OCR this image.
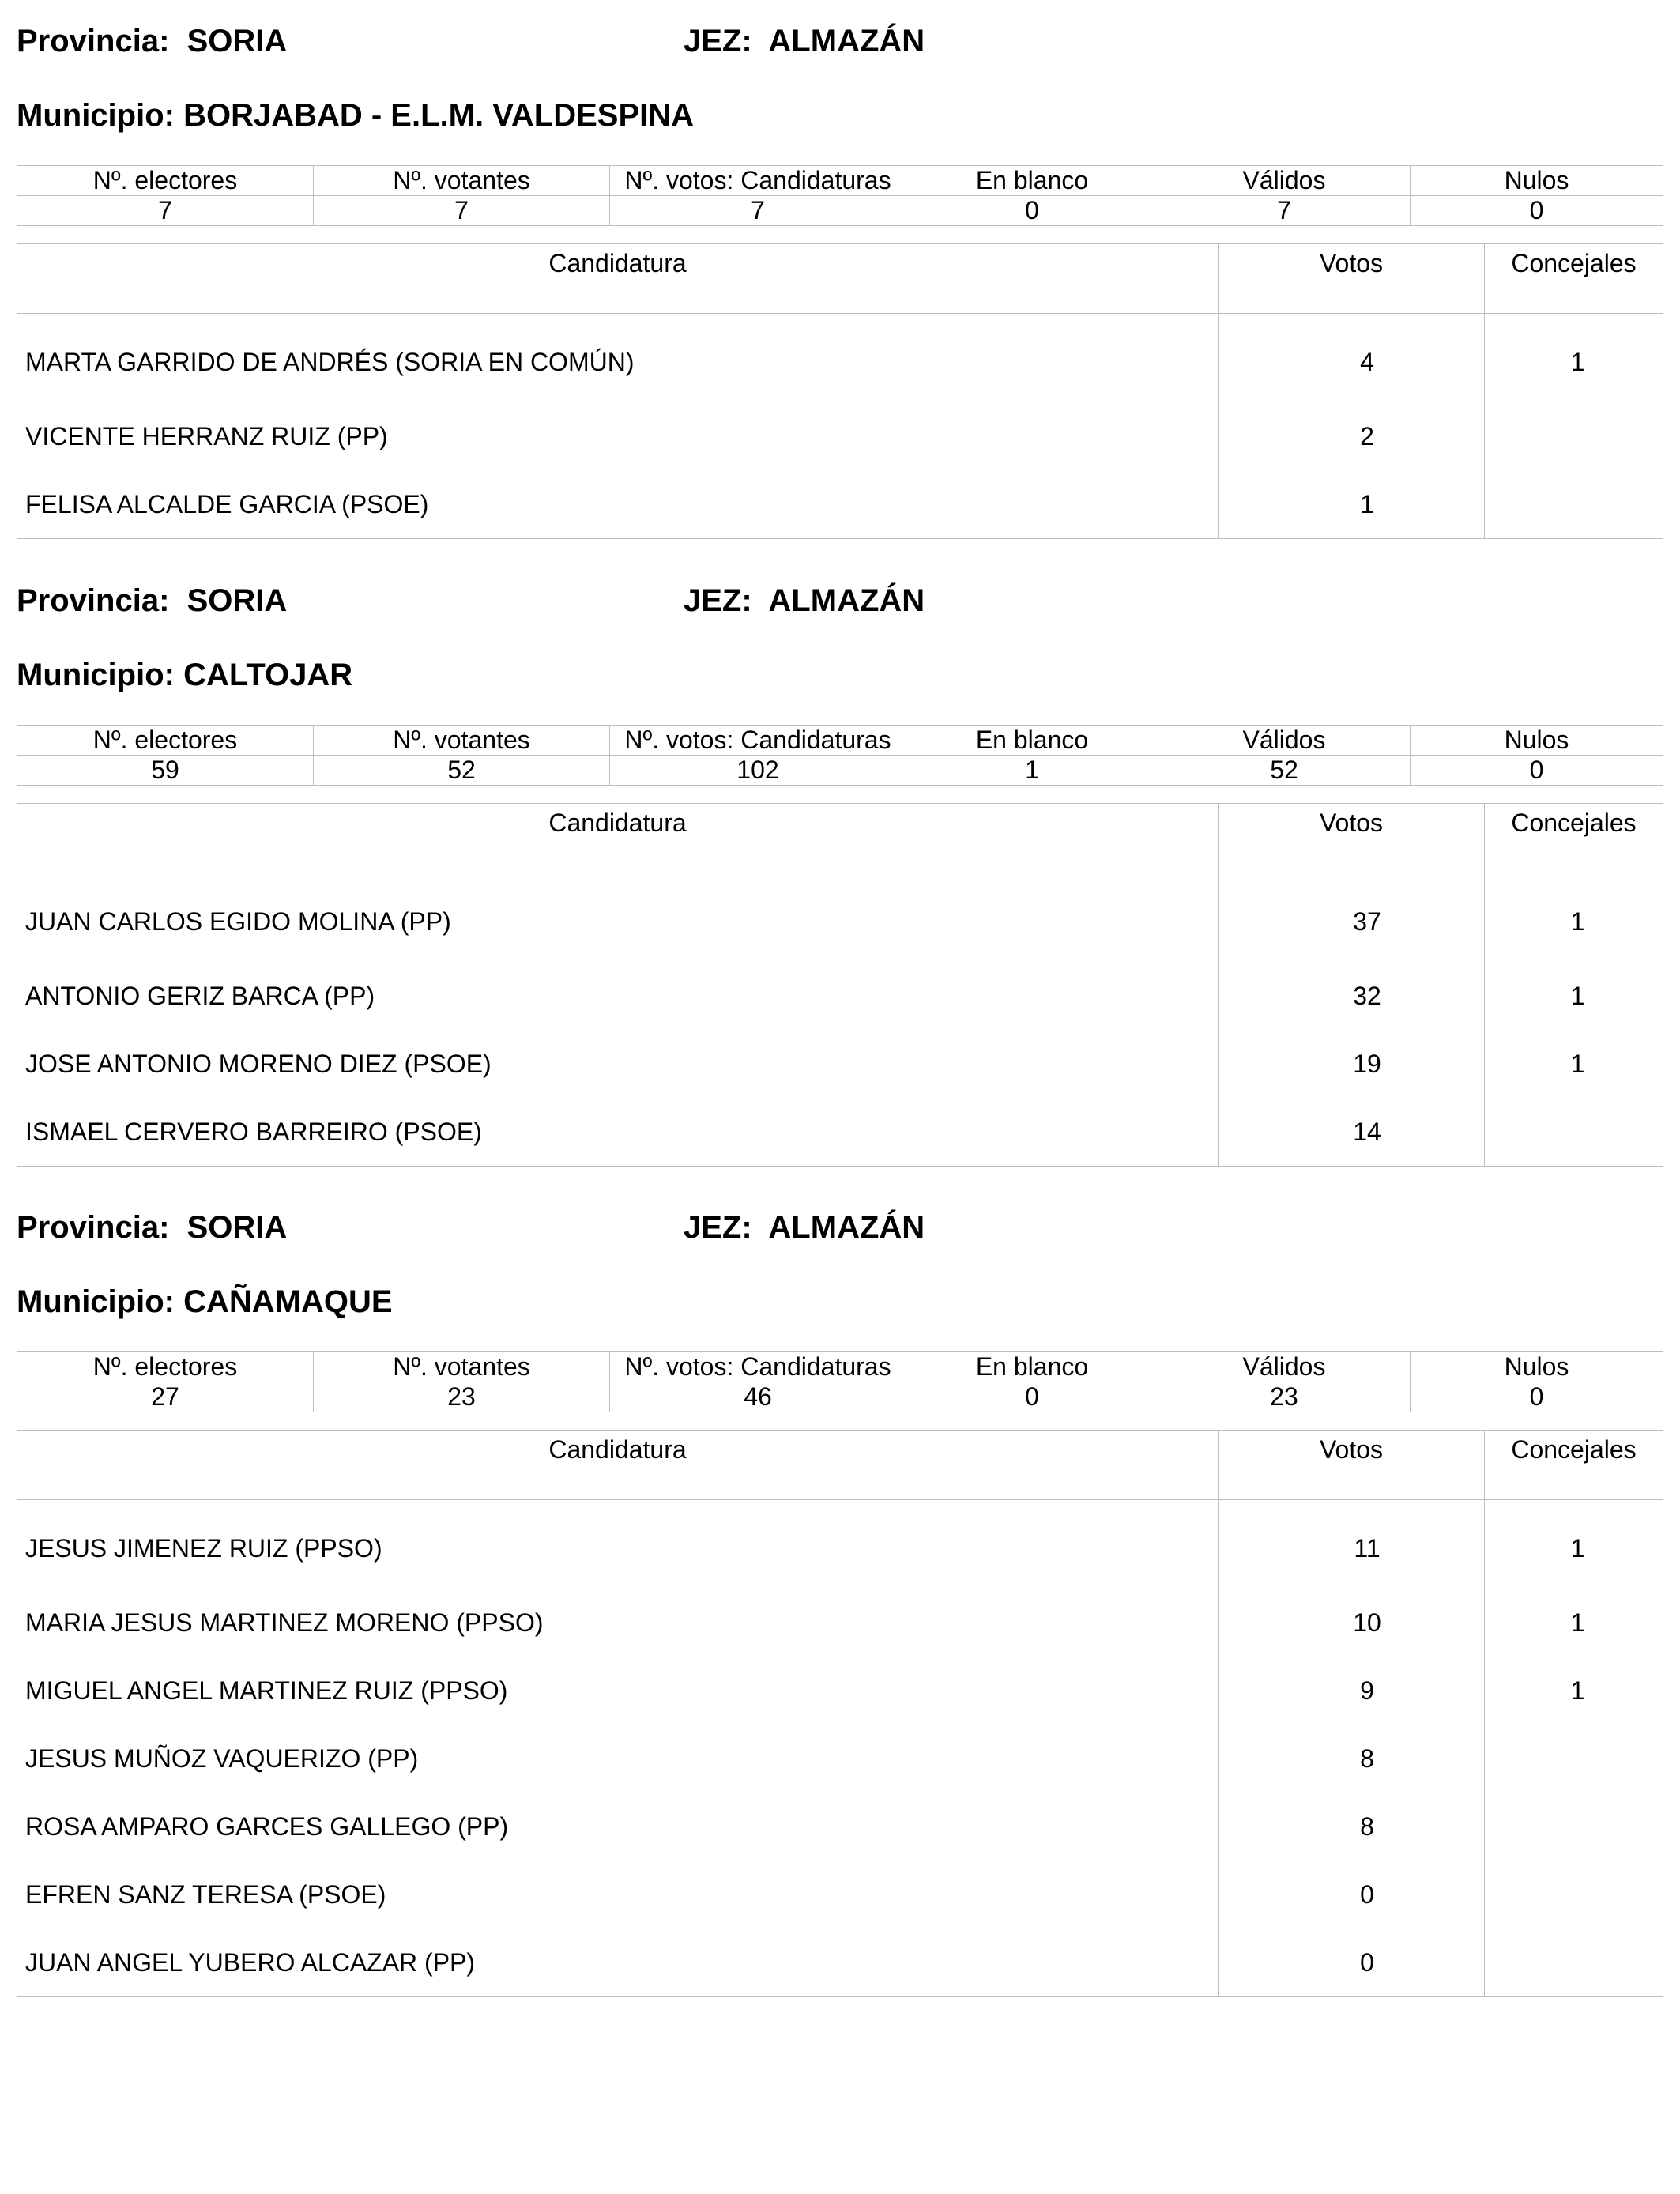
Provincia:  SORIA	JEZ:  ALMAZÁN
Municipio: BORJABAD - E.L.M. VALDESPINA
Nº. electores	Nº. votantes	Nº. votos: Candidaturas	En blanco	Válidos	Nulos
7	7	7	0	7	0
Candidatura	Votos	Concejales
MARTA GARRIDO DE ANDRÉS (SORIA EN COMÚN)	4	1
VICENTE HERRANZ RUIZ (PP)	2	
FELISA ALCALDE GARCIA (PSOE)	1	
Provincia:  SORIA	JEZ:  ALMAZÁN
Municipio: CALTOJAR
Nº. electores	Nº. votantes	Nº. votos: Candidaturas	En blanco	Válidos	Nulos
59	52	102	1	52	0
Candidatura	Votos	Concejales
JUAN CARLOS EGIDO MOLINA (PP)	37	1
ANTONIO GERIZ BARCA (PP)	32	1
JOSE ANTONIO MORENO DIEZ (PSOE)	19	1
ISMAEL CERVERO BARREIRO (PSOE)	14	
Provincia:  SORIA	JEZ:  ALMAZÁN
Municipio: CAÑAMAQUE
Nº. electores	Nº. votantes	Nº. votos: Candidaturas	En blanco	Válidos	Nulos
27	23	46	0	23	0
Candidatura	Votos	Concejales
JESUS JIMENEZ RUIZ (PPSO)	11	1
MARIA JESUS MARTINEZ MORENO (PPSO)	10	1
MIGUEL ANGEL MARTINEZ RUIZ (PPSO)	9	1
JESUS MUÑOZ VAQUERIZO (PP)	8	
ROSA AMPARO GARCES GALLEGO (PP)	8	
EFREN SANZ TERESA (PSOE)	0	
JUAN ANGEL YUBERO ALCAZAR (PP)	0	
